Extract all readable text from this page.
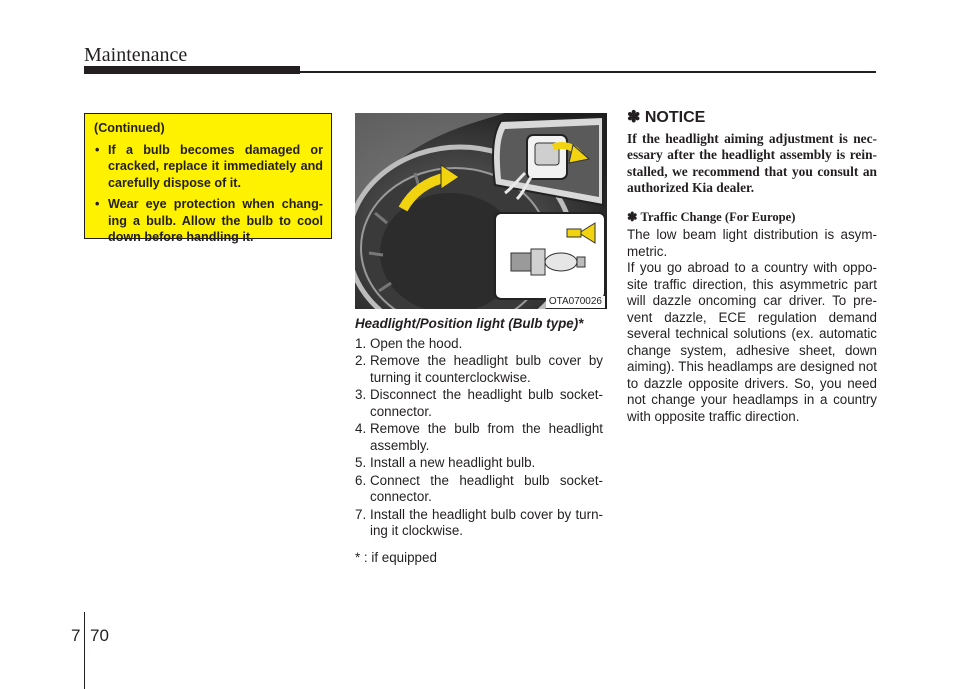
Maintenance
(Continued)
• If a bulb becomes damaged or cracked, replace it immediately and carefully dispose of it.
• Wear eye protection when chang-ing a bulb. Allow the bulb to cool down before handling it.
OTA070026
Headlight/Position light (Bulb type)*
1. Open the hood.
2. Remove the headlight bulb cover by turning it counterclockwise.
3. Disconnect the headlight bulb socket-connector.
4. Remove the bulb from the headlight assembly.
5. Install a new headlight bulb.
6. Connect the headlight bulb socket-connector.
7. Install the headlight bulb cover by turn-ing it clockwise.
* : if equipped
✽ NOTICE

If the headlight aiming adjustment is nec-essary after the headlight assembly is rein-stalled, we recommend that you consult an authorized Kia dealer.

✽ Traffic Change (For Europe)

The low beam light distribution is asym-metric.

If you go abroad to a country with oppo-site traffic direction, this asymmetric part will dazzle oncoming car driver. To pre-vent dazzle, ECE regulation demand several technical solutions (ex. automatic change system, adhesive sheet, down aiming). This headlamps are designed not to dazzle opposite drivers. So, you need not change your headlamps in a country with opposite traffic direction.

7 70
